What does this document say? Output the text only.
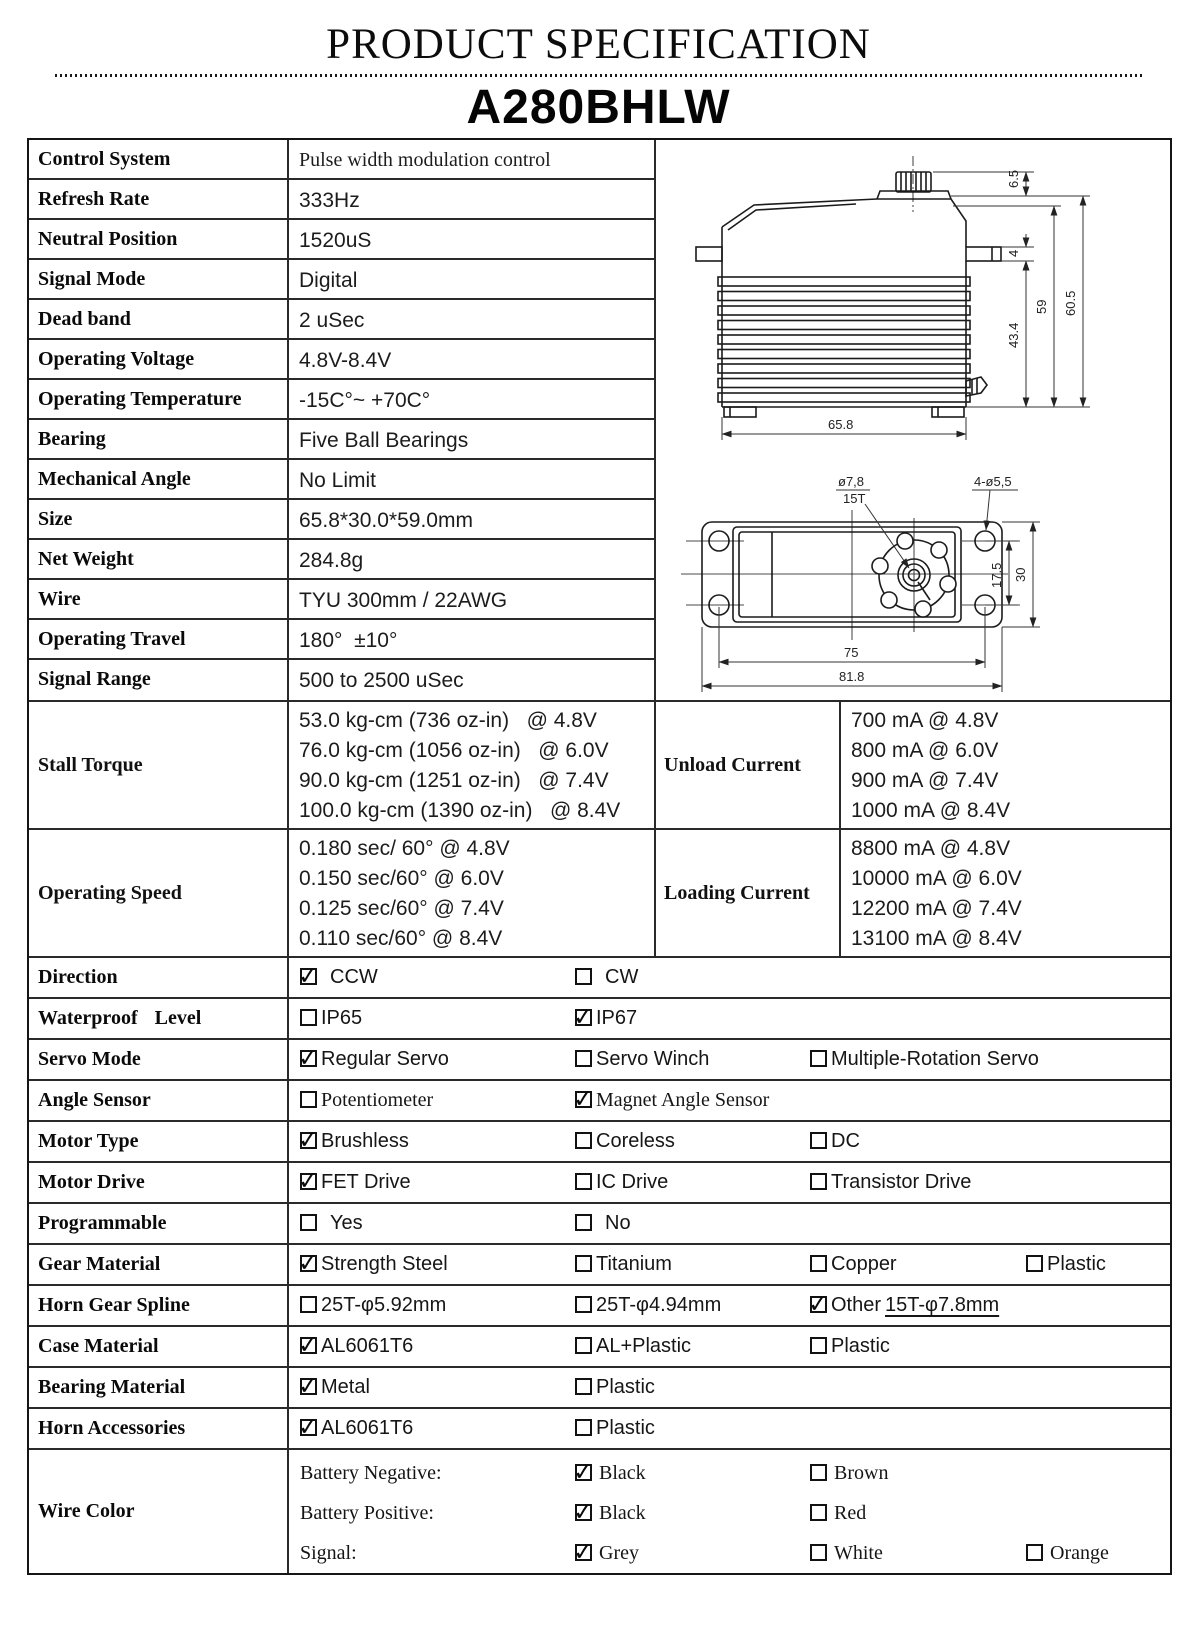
PRODUCT SPECIFICATION
A280BHLW
Control System	Pulse width modulation control
Refresh Rate	333Hz
Neutral Position	1520uS
Signal Mode	Digital
Dead band	2 uSec
Operating Voltage	4.8V-8.4V
Operating Temperature	-15C°~ +70C°
Bearing	Five Ball Bearings
Mechanical Angle	No Limit
Size	65.8*30.0*59.0mm
Net Weight	284.8g
Wire	TYU 300mm / 22AWG
Operating Travel	180°  ±10°
Signal Range	500 to 2500 uSec
6.5
4
43.4
59 60.5
65.8
ø7,8
15T
4-ø5,5
17.5 30
75
81.8
Stall Torque
53.0 kg-cm (736 oz-in)   @ 4.8V
76.0 kg-cm (1056 oz-in)   @ 6.0V
90.0 kg-cm (1251 oz-in)   @ 7.4V
100.0 kg-cm (1390 oz-in)   @ 8.4V
Unload Current
700 mA @ 4.8V
800 mA @ 6.0V
900 mA @ 7.4V
1000 mA @ 8.4V
Operating Speed
0.180 sec/ 60° @ 4.8V
0.150 sec/60° @ 6.0V
0.125 sec/60° @ 7.4V
0.110 sec/60° @ 8.4V
Loading Current
8800 mA @ 4.8V
10000 mA @ 6.0V
12200 mA @ 7.4V
13100 mA @ 8.4V
Direction ✓	CCW	CW
Waterproof Level	IP65 ✓	IP67
Servo Mode ✓	Regular Servo	Servo Winch	Multiple-Rotation Servo
Angle Sensor	Potentiometer ✓	Magnet Angle Sensor
Motor Type ✓	Brushless	Coreless	DC
Motor Drive ✓	FET Drive	IC Drive	Transistor Drive
Programmable	Yes	No
Gear Material ✓	Strength Steel	Titanium	Copper	Plastic
Horn Gear Spline	25T-φ5.92mm	25T-φ4.94mm ✓	Other 15T-φ7.8mm
Case Material ✓	AL6061T6	AL+Plastic	Plastic
Bearing Material ✓	Metal	Plastic
Horn Accessories ✓	AL6061T6	Plastic
Wire Color
Battery Negative: ✓	Black	Brown
Battery Positive: ✓	Black	Red
Signal: ✓	Grey	White	Orange
